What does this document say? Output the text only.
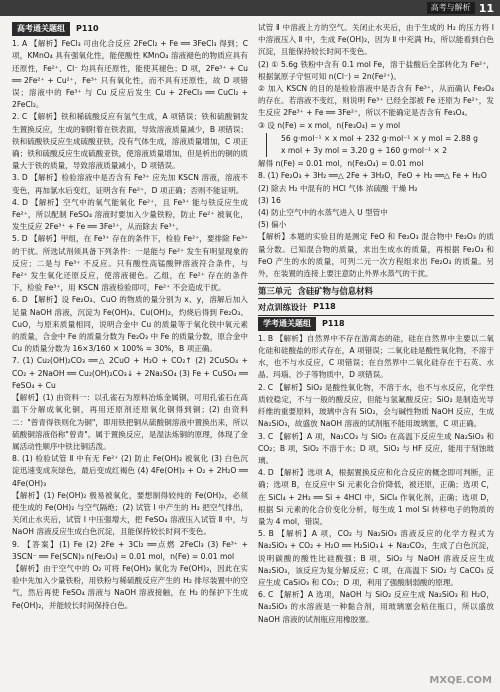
高考与解析 11
高考通关题组	P110

1. A 【解析】FeCl₃ 可由化合反应 2FeCl₂ + Fe ══ 3FeCl₃ 得到；C 项，KMnO₄ 具有强氧化性，能使酸性 KMnO₄ 溶液褪色的物质应具有还原性，Fe²⁺、Cl⁻ 均具有还原性，能使其褪色；D 项，2Fe³⁺ + Cu ══ 2Fe²⁺ + Cu²⁺，Fe³⁺ 只有氧化性，而不具有还原性，故 D 项错误；溶液中的 Fe³⁺ 与 Cu 反应后发生 Cu + 2FeCl₃ ══ CuCl₂ + 2FeCl₂。

2. C 【解析】铁和稀硫酸反应有氢气生成，A 项错误；铁和硫酸铜发生置换反应，生成的铜附着在铁表面，导致溶液质量减少，B 项错误；铁和硫酸铁反应生成硫酸亚铁，没有气体生成，溶液质量增加，C 项正确；铁和硫酸反应生成硫酸亚铁，使溶液质量增加，但是析出的铜的质量大于铁的质量，导致溶液质量减小，D 项错误。

3. D 【解析】检验溶液中是否含有 Fe³⁺ 应先加 KSCN 溶液，溶液不变色，再加氯水后变红，证明含有 Fe²⁺，D 项正确；否则不能证明。

4. D 【解析】空气中的氧气能氧化 Fe²⁺，且 Fe³⁺ 能与铁反应生成 Fe²⁺，所以配制 FeSO₄ 溶液时要加入少量铁粉，防止 Fe²⁺ 被氧化，发生反应 2Fe³⁺ + Fe ══ 3Fe²⁺，从而除去 Fe³⁺。

5. D 【解析】甲组，在 Fe³⁺ 存在的条件下，检验 Fe²⁺，要排除 Fe³⁺ 的干扰。所选试剂须具备下列条件：一是能与 Fe²⁺ 发生有明显现象的反应；二是与 Fe³⁺ 不反应。只有酸性高锰酸钾溶液符合条件，与 Fe²⁺ 发生氧化还原反应，使溶液褪色。乙组，在 Fe²⁺ 存在的条件下，检验 Fe³⁺，用 KSCN 溶液检验即可，Fe²⁺ 不会造成干扰。

6. D 【解析】设 Fe₂O₃、CuO 的物质的量分别为 x、y，溶解后加入足量 NaOH 溶液，沉淀为 Fe(OH)₃、Cu(OH)₂，灼烧后得到 Fe₂O₃、CuO，与原来质量相同，说明合金中 Cu 的质量等于氧化铁中氧元素的质量，合金中 Fe 的质量分数为 Fe₂O₃ 中 Fe 的质量分数，原合金中 Cu 的质量分数为 16×3/160 × 100% = 30%，B 项正确。

7. (1) Cu₂(OH)₂CO₃ ══△ 2CuO + H₂O + CO₂↑ (2) 2CuSO₄ + CO₂ + 2NaOH ══ Cu₂(OH)₂CO₃↓ + 2Na₂SO₄ (3) Fe + CuSO₄ ══ FeSO₄ + Cu

【解析】(1) 由资料一：以孔雀石为原料冶炼金属铜，可用孔雀石在高温下分解成氧化铜，再用还原剂还原氧化铜得到铜；(2) 由资料二："曾青得铁则化为铜"，即用铁把铜从硫酸铜溶液中置换出来，所以硫酸铜溶液俗称"曾青"。属于置换反应，是湿法炼铜的原理，体现了金属活动性顺序中铁比铜活泼。

8. (1) 检验试管 Ⅱ 中有无 Fe²⁺ (2) 防止 Fe(OH)₂ 被氧化 (3) 白色沉淀迅速变成灰绿色，最后变成红褐色 (4) 4Fe(OH)₂ + O₂ + 2H₂O ══ 4Fe(OH)₃

【解析】(1) Fe(OH)₂ 极易被氧化，要想制得较纯的 Fe(OH)₂，必须使生成的 Fe(OH)₂ 与空气隔绝；(2) 试管 Ⅰ 中产生的 H₂ 把空气排出，关闭止水夹后，试管 Ⅰ 中压强增大，把 FeSO₄ 溶液压入试管 Ⅱ 中，与 NaOH 溶液反应生成白色沉淀，且能保持较长时间不变色。

9. 【答案】(1) Fe (2) 2Fe + 3Cl₂ ══点燃 2FeCl₃ (3) Fe³⁺ + 3SCN⁻ ══ Fe(SCN)₃ n(Fe₂O₃) = 0.01 mol，n(Fe) = 0.01 mol

【解析】由于空气中的 O₂ 可将 Fe(OH)₂ 氧化为 Fe(OH)₃，因此在实验中先加入少量铁粉，用铁粉与稀硫酸反应产生的 H₂ 排尽装置中的空气，然后再使 FeSO₄ 溶液与 NaOH 溶液接触，在 H₂ 的保护下生成 Fe(OH)₂，并能较长时间保持白色。

试管 Ⅱ 中溶液上方的空气。关闭止水夹后，由于生成的 H₂ 的压力将 Ⅰ 中溶液压入 Ⅱ 中，生成 Fe(OH)₂，因为 Ⅱ 中充满 H₂，所以能看到白色沉淀，且能保持较长时间不变色。

(2) ① 5.6g 铁粉中含有 0.1 mol Fe，溶于盐酸后全部转化为 Fe²⁺，根据氯原子守恒可知 n(Cl⁻) = 2n(Fe²⁺)。

② 加入 KSCN 的目的是检验溶液中是否含有 Fe³⁺，从而确认 Fe₃O₄ 的存在。若溶液不变红，则说明 Fe³⁺ 已经全部被 Fe 还原为 Fe²⁺，发生反应 2Fe³⁺ + Fe ══ 3Fe²⁺，所以不能确定是否含有 Fe₃O₄。

③ 设 n(Fe) = x mol，n(Fe₃O₄) = y mol

56 g·mol⁻¹ × x mol + 232 g·mol⁻¹ × y mol = 2.88 g
x mol + 3y mol = 3.20 g ÷ 160 g·mol⁻¹ × 2

解得 n(Fe) = 0.01 mol，n(Fe₃O₄) = 0.01 mol

8. (1) Fe₂O₃ + 3H₂ ══△ 2Fe + 3H₂O，FeO + H₂ ══△ Fe + H₂O

(2) 除去 H₂ 中混有的 HCl 气体 浓硫酸 干燥 H₂

(3) 16

(4) 防止空气中的水蒸气进入 U 型管中

(5) 偏小

【解析】本题的实验目的是测定 FeO 和 Fe₂O₃ 混合物中 Fe₂O₃ 的质量分数。已知混合物的质量，求出生成水的质量，再根据 Fe₂O₃ 和 FeO 产生的水的质量，可列二元一次方程组求出 Fe₂O₃ 的质量。另外，在装置的连接上要注意防止外界水蒸气的干扰。

第三单元 含硅矿物与信息材料
对点训练设计 P118
学考通关题组	P118

1. B 【解析】自然界中不存在游离态的硅，硅在自然界中主要以二氧化硅和硅酸盐的形式存在，A 项错误；二氧化硅是酸性氧化物，不溶于水，也不与水反应，C 项错误；在自然界中二氧化硅存在于石英、水晶、玛瑙、沙子等物质中，D 项错误。

2. C 【解析】SiO₂ 是酸性氧化物，不溶于水，也不与水反应，化学性质较稳定，不与一般的酸反应，但能与氢氟酸反应；SiO₂ 是制造光导纤维的重要原料，玻璃中含有 SiO₂，会与碱性物质 NaOH 反应，生成 Na₂SiO₃，故盛放 NaOH 溶液的试剂瓶不能用玻璃塞，C 项正确。

3. C 【解析】A 项，Na₂CO₃ 与 SiO₂ 在高温下反应生成 Na₂SiO₃ 和 CO₂；B 项，SiO₂ 不溶于水；D 项，SiO₂ 与 HF 反应，能用于刻蚀玻璃。

4. D 【解析】选项 A，根据置换反应和化合反应的概念即可判断，正确；选项 B，在反应中 Si 元素化合价降低，被还原，正确；选项 C，在 SiCl₄ + 2H₂ ══ Si + 4HCl 中，SiCl₄ 作氧化剂，正确；选项 D，根据 Si 元素的化合价变化分析，每生成 1 mol Si 转移电子的物质的量为 4 mol，错误。

5. B 【解析】A 项，CO₂ 与 Na₂SiO₃ 溶液反应的化学方程式为 Na₂SiO₃ + CO₂ + H₂O ══ H₂SiO₃↓ + Na₂CO₃，生成了白色沉淀，说明碳酸的酸性比硅酸强；B 项，SiO₂ 与 NaOH 溶液反应生成 Na₂SiO₃，该反应为复分解反应；C 项，在高温下 SiO₂ 与 CaCO₃ 反应生成 CaSiO₃ 和 CO₂；D 项，利用了强酸制弱酸的原理。

6. C 【解析】A 选项，NaOH 与 SiO₂ 反应生成 Na₂SiO₃ 和 H₂O，Na₂SiO₃ 的水溶液是一种黏合剂，用玻璃塞会粘住瓶口，所以盛放 NaOH 溶液的试剂瓶应用橡胶塞。

MXQE.COM
